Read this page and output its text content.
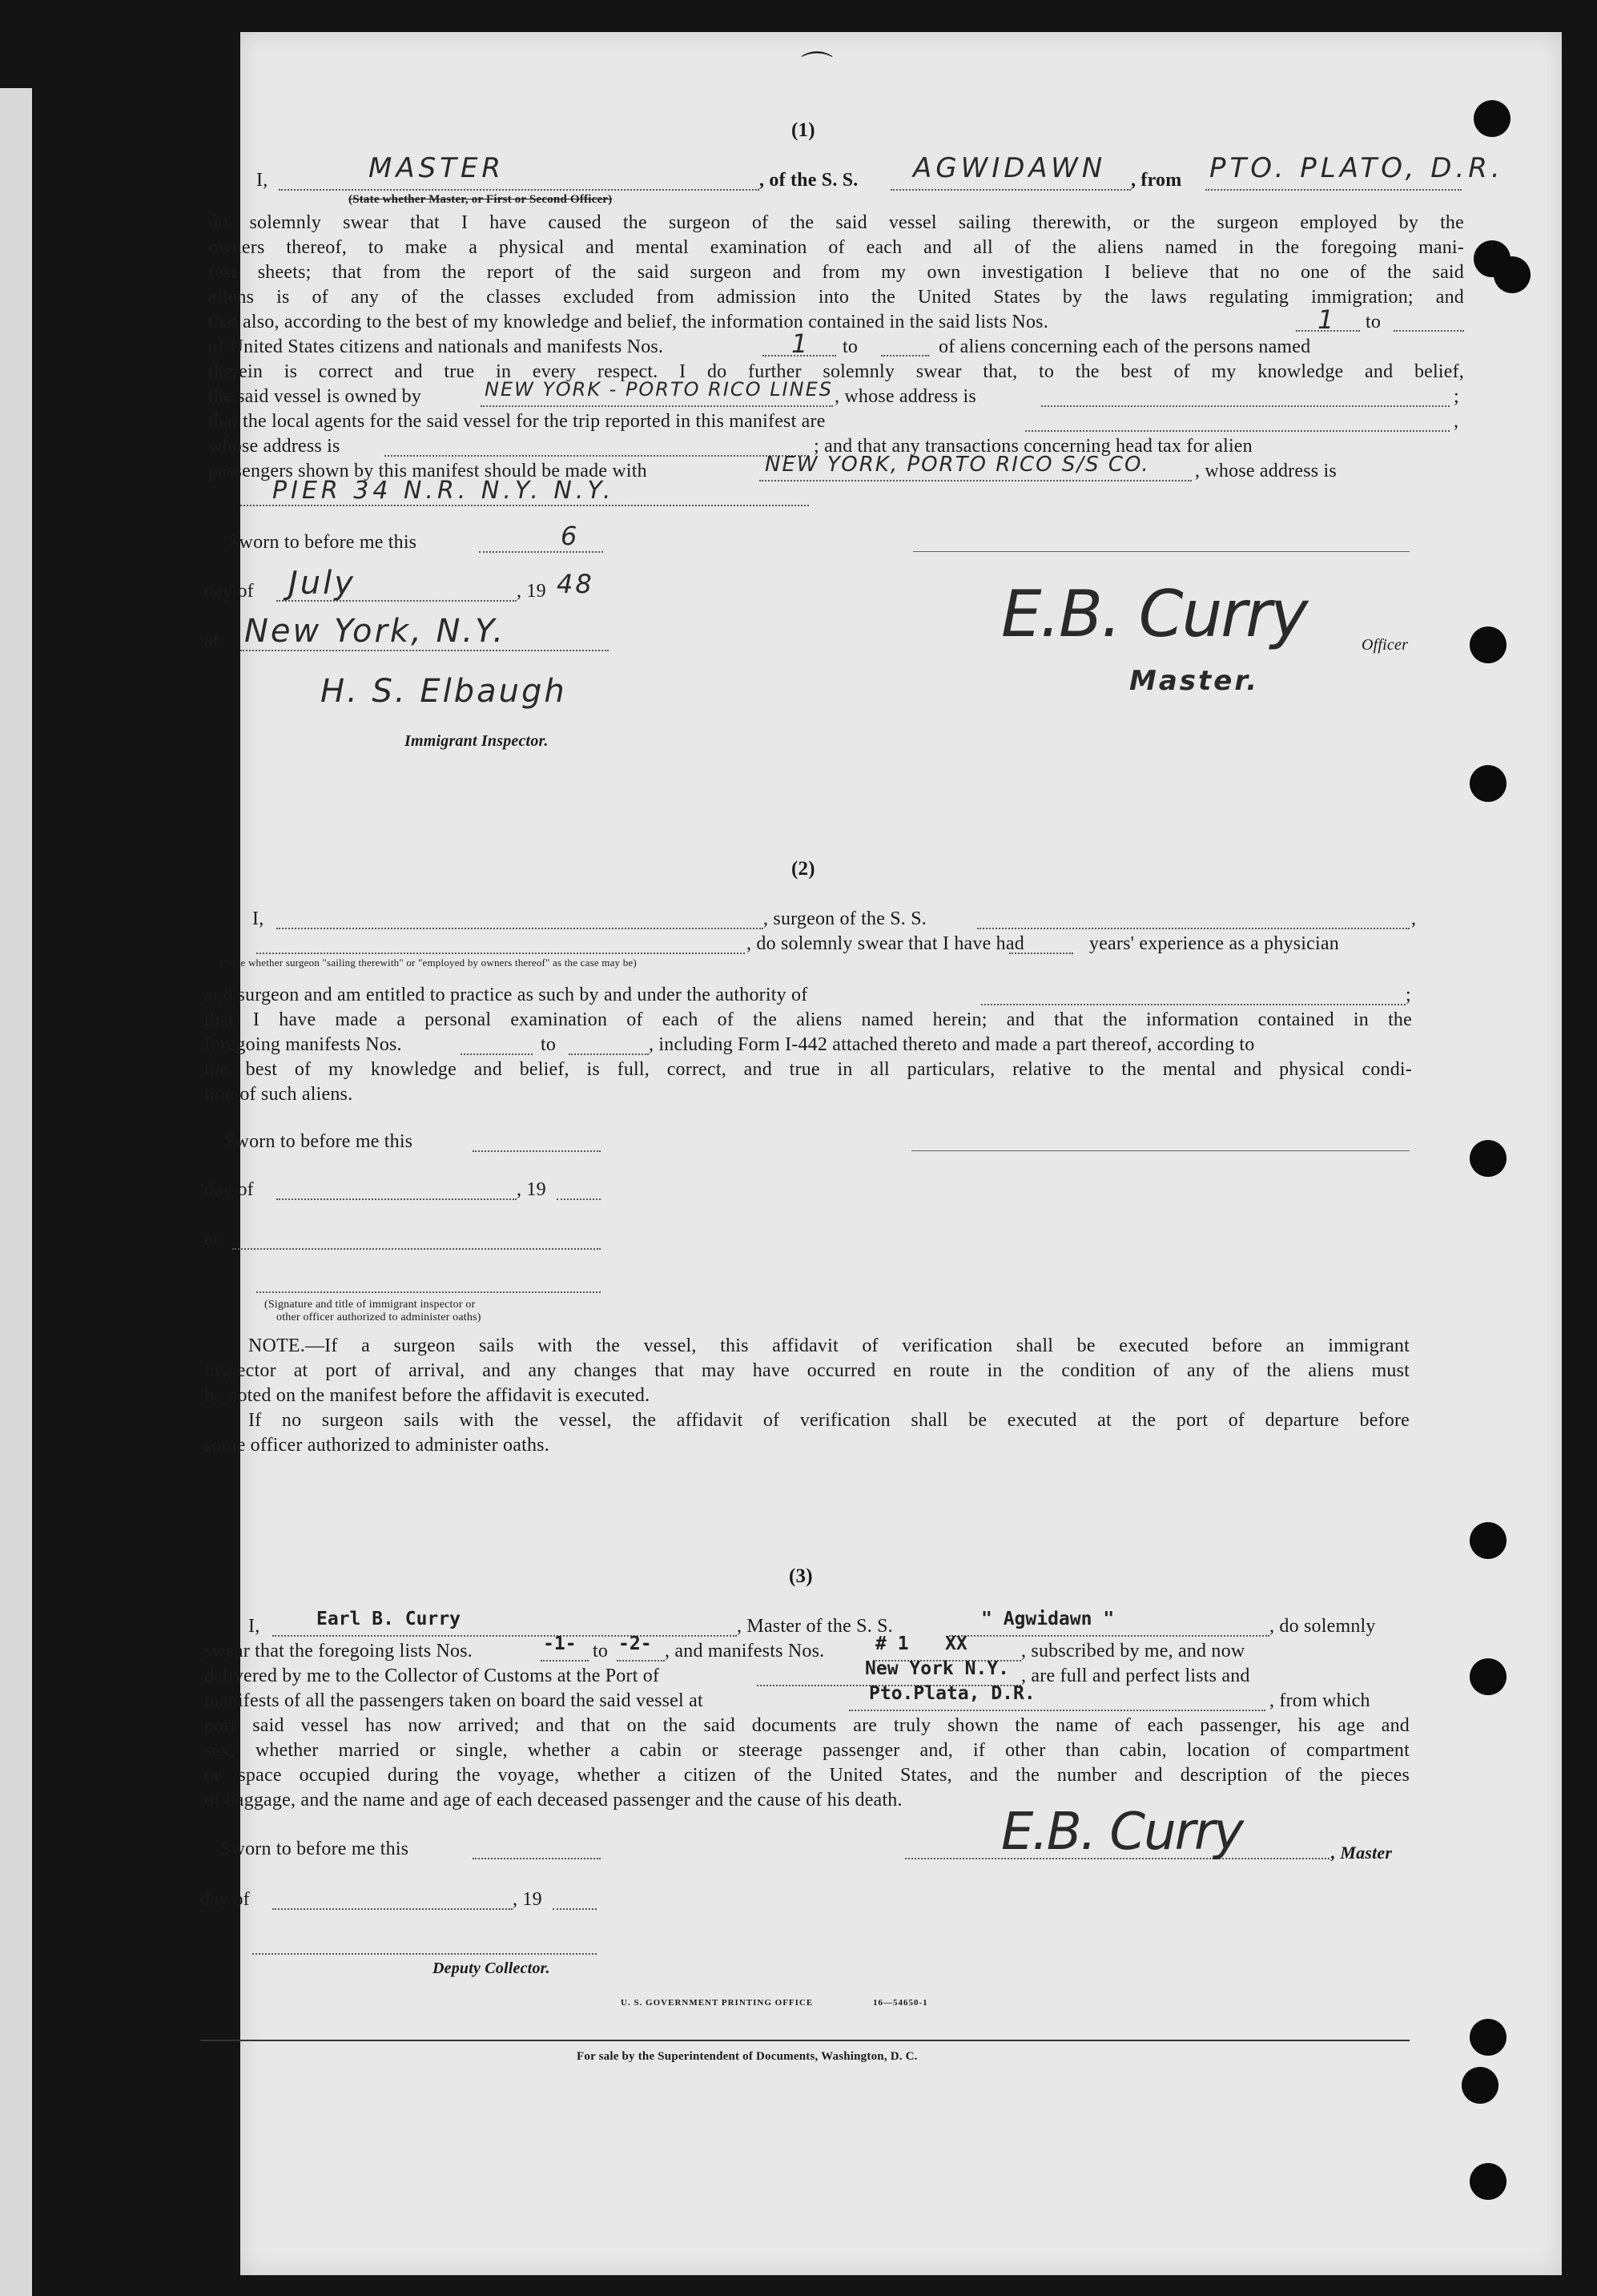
⌒
(1)
I,	MASTER
(State whether Master, or First or Second Officer)
, of the S. S. AGWIDAWN , from PTO. PLATO, D.R.
do solemnly swear that I have caused the surgeon of the said vessel sailing therewith, or the surgeon employed by the
owners thereof, to make a physical and mental examination of each and all of the aliens named in the foregoing mani-
fest sheets; that from the report of the said surgeon and from my own investigation I believe that no one of the said
aliens is of any of the classes excluded from admission into the United States by the laws regulating immigration; and
that also, according to the best of my knowledge and belief, the information contained in the said lists Nos.	1 to
of United States citizens and nationals and manifests Nos.	1 to	of aliens concerning each of the persons named
therein is correct and true in every respect. I do further solemnly swear that, to the best of my knowledge and belief,
the said vessel is owned by	NEW YORK - PORTO RICO LINES , whose address is	;
that the local agents for the said vessel for the trip reported in this manifest are	,
whose address is	; and that any transactions concerning head tax for alien
passengers shown by this manifest should be made with	NEW YORK, PORTO RICO S/S CO. , whose address is
PIER 34 N.R. N.Y. N.Y.
Sworn to before me this	6
day of July	, 19 48
at New York, N.Y.
H. S. Elbaugh
Immigrant Inspector.
E.B. Curry	Officer
Master.
(2)
I,	, surgeon of the S. S.	,
, do solemnly swear that I have had	years' experience as a physician
(State whether surgeon "sailing therewith" or "employed by owners thereof" as the case may be)
and surgeon and am entitled to practice as such by and under the authority of	;
that I have made a personal examination of each of the aliens named herein; and that the information contained in the
foregoing manifests Nos.	to	, including Form I-442 attached thereto and made a part thereof, according to
the best of my knowledge and belief, is full, correct, and true in all particulars, relative to the mental and physical condi-
tion of such aliens.
Sworn to before me this
day of	, 19
at
(Signature and title of immigrant inspector or
other officer authorized to administer oaths)
NOTE.—If a surgeon sails with the vessel, this affidavit of verification shall be executed before an immigrant
inspector at port of arrival, and any changes that may have occurred en route in the condition of any of the aliens must
be noted on the manifest before the affidavit is executed.
If no surgeon sails with the vessel, the affidavit of verification shall be executed at the port of departure before
some officer authorized to administer oaths.
(3)
I,	Earl B. Curry	, Master of the S. S.	" Agwidawn "	, do solemnly
swear that the foregoing lists Nos.	-1- to -2- , and manifests Nos.	# 1 XX	, subscribed by me, and now
delivered by me to the Collector of Customs at the Port of	New York N.Y. , are full and perfect lists and
manifests of all the passengers taken on board the said vessel at	Pto.Plata, D.R.	, from which
port said vessel has now arrived; and that on the said documents are truly shown the name of each passenger, his age and
sex, whether married or single, whether a cabin or steerage passenger and, if other than cabin, location of compartment
or space occupied during the voyage, whether a citizen of the United States, and the number and description of the pieces
of baggage, and the name and age of each deceased passenger and the cause of his death.
Sworn to before me this	E.B. Curry	, Master
day of	, 19
Deputy Collector.
U. S. GOVERNMENT PRINTING OFFICE	16—54650-1
For sale by the Superintendent of Documents, Washington, D. C.
